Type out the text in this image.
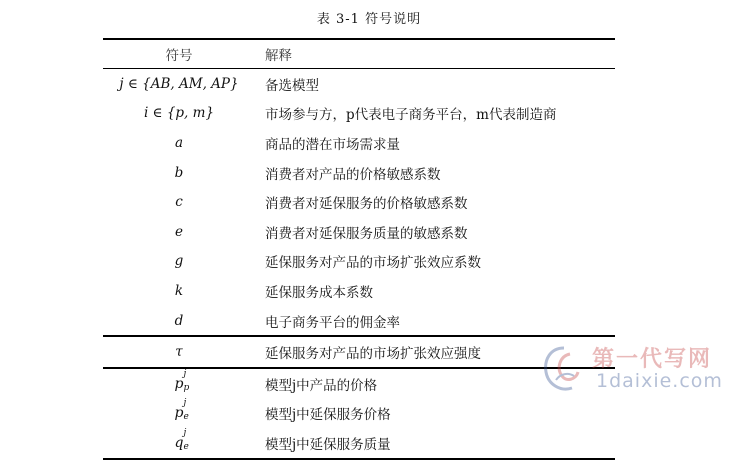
表 3-1 符号说明
符号	解释
j ∈ {AB, AM, AP}	备选模型
i ∈ {p, m}	市场参与方，p代表电子商务平台，m代表制造商
a	商品的潜在市场需求量
b	消费者对产品的价格敏感系数
c	消费者对延保服务的价格敏感系数
e	消费者对延保服务质量的敏感系数
g	延保服务对产品的市场扩张效应系数
k	延保服务成本系数
d	电子商务平台的佣金率
τ	延保服务对产品的市场扩张效应强度
p
j
p	模型j中产品的价格
p
j
e	模型j中延保服务价格
q
j
e	模型j中延保服务质量
第一代写网
1daixie.com
